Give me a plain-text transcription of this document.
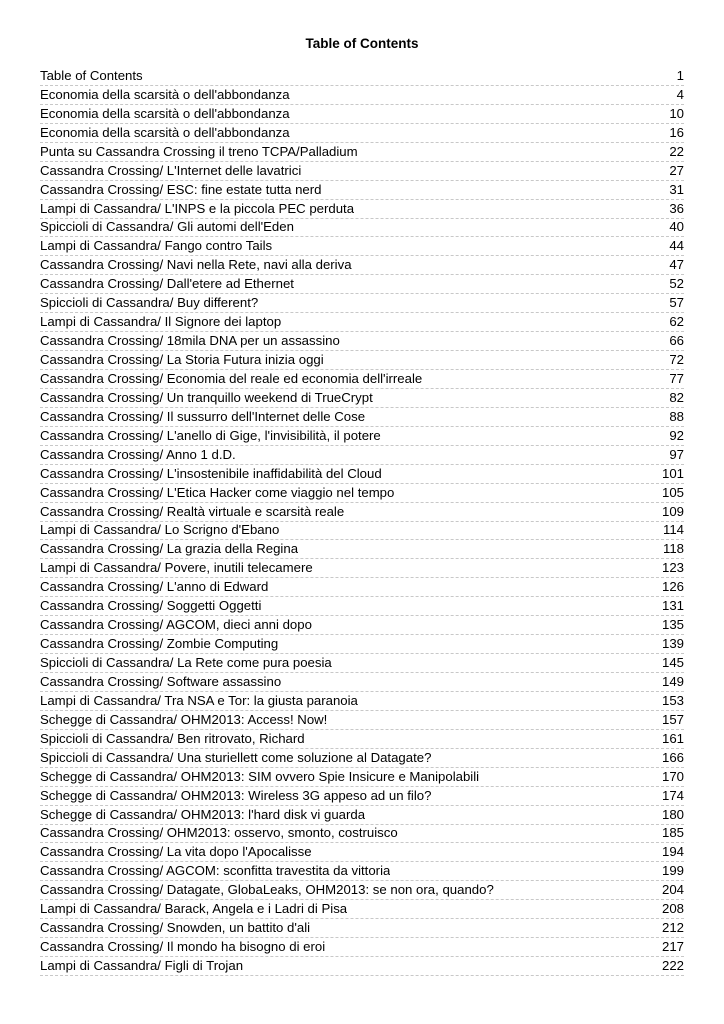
Table of Contents
Table of Contents	1
Economia della scarsità o dell'abbondanza	4
Economia della scarsità o dell'abbondanza	10
Economia della scarsità o dell'abbondanza	16
Punta su Cassandra Crossing il treno TCPA/Palladium	22
Cassandra Crossing/ L'Internet delle lavatrici	27
Cassandra Crossing/ ESC: fine estate tutta nerd	31
Lampi di Cassandra/ L'INPS e la piccola PEC perduta	36
Spiccioli di Cassandra/ Gli automi dell'Eden	40
Lampi di Cassandra/ Fango contro Tails	44
Cassandra Crossing/ Navi nella Rete, navi alla deriva	47
Cassandra Crossing/ Dall'etere ad Ethernet	52
Spiccioli di Cassandra/ Buy different?	57
Lampi di Cassandra/ Il Signore dei laptop	62
Cassandra Crossing/ 18mila DNA per un assassino	66
Cassandra Crossing/ La Storia Futura inizia oggi	72
Cassandra Crossing/ Economia del reale ed economia dell'irreale	77
Cassandra Crossing/ Un tranquillo weekend di TrueCrypt	82
Cassandra Crossing/ Il sussurro dell'Internet delle Cose	88
Cassandra Crossing/ L'anello di Gige, l'invisibilità, il potere	92
Cassandra Crossing/ Anno 1 d.D.	97
Cassandra Crossing/ L'insostenibile inaffidabilità del Cloud	101
Cassandra Crossing/ L'Etica Hacker come viaggio nel tempo	105
Cassandra Crossing/ Realtà virtuale e scarsità reale	109
Lampi di Cassandra/ Lo Scrigno d'Ebano	114
Cassandra Crossing/ La grazia della Regina	118
Lampi di Cassandra/ Povere, inutili telecamere	123
Cassandra Crossing/ L'anno di Edward	126
Cassandra Crossing/ Soggetti Oggetti	131
Cassandra Crossing/ AGCOM, dieci anni dopo	135
Cassandra Crossing/ Zombie Computing	139
Spiccioli di Cassandra/ La Rete come pura poesia	145
Cassandra Crossing/ Software assassino	149
Lampi di Cassandra/ Tra NSA e Tor: la giusta paranoia	153
Schegge di Cassandra/ OHM2013: Access! Now!	157
Spiccioli di Cassandra/ Ben ritrovato, Richard	161
Spiccioli di Cassandra/ Una sturiellett come soluzione al Datagate?	166
Schegge di Cassandra/ OHM2013: SIM ovvero Spie Insicure e Manipolabili	170
Schegge di Cassandra/ OHM2013: Wireless 3G appeso ad un filo?	174
Schegge di Cassandra/ OHM2013: l'hard disk vi guarda	180
Cassandra Crossing/ OHM2013: osservo, smonto, costruisco	185
Cassandra Crossing/ La vita dopo l'Apocalisse	194
Cassandra Crossing/ AGCOM: sconfitta travestita da vittoria	199
Cassandra Crossing/ Datagate, GlobaLeaks, OHM2013: se non ora, quando?	204
Lampi di Cassandra/ Barack, Angela e i Ladri di Pisa	208
Cassandra Crossing/ Snowden, un battito d'ali	212
Cassandra Crossing/ Il mondo ha bisogno di eroi	217
Lampi di Cassandra/ Figli di Trojan	222
